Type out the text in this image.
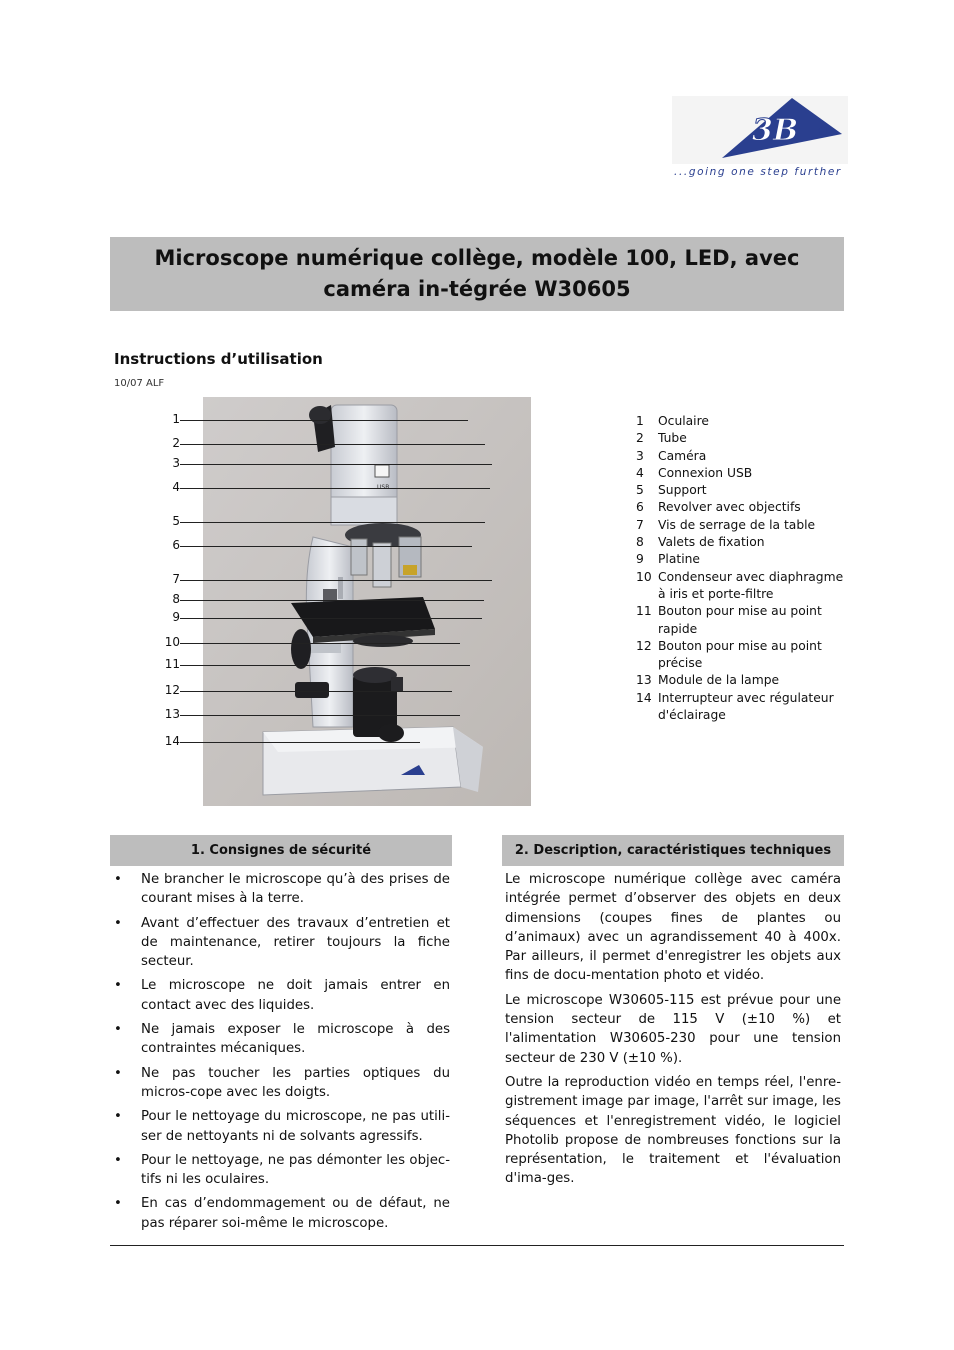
3B
...going one step further
Microscope numérique collège, modèle 100, LED, avec caméra in-tégrée W30605
Instructions d’utilisation
10/07 ALF
1
2
3
4
5
6
7
8
9
10
11
12
13
14
1	Oculaire
2	Tube
3	Caméra
4	Connexion USB
5	Support
6	Revolver avec objectifs
7	Vis de serrage de la table
8	Valets de fixation
9	Platine
10 Condenseur avec diaphragme à iris et porte-filtre
11 Bouton pour mise au point rapide
12 Bouton pour mise au point précise
13 Module de la lampe
14 Interrupteur avec régulateur d'éclairage
1. Consignes de sécurité
• Ne brancher le microscope qu’à des prises de courant mises à la terre.
• Avant d’effectuer des travaux d’entretien et de maintenance, retirer toujours la fiche secteur.
• Le microscope ne doit jamais entrer en contact avec des liquides.
• Ne jamais exposer le microscope à des contraintes mécaniques.
• Ne pas toucher les parties optiques du micros-cope avec les doigts.
• Pour le nettoyage du microscope, ne pas utili-ser de nettoyants ni de solvants agressifs.
• Pour le nettoyage, ne pas démonter les objec-tifs ni les oculaires.
• En cas d’endommagement ou de défaut, ne pas réparer soi-même le microscope.
2. Description, caractéristiques techniques

Le microscope numérique collège avec caméra intégrée permet d’observer des objets en deux dimensions (coupes fines de plantes ou d’animaux) avec un agrandissement 40 à 400x. Par ailleurs, il permet d'enregistrer les objets aux fins de docu-mentation photo et vidéo.

Le microscope W30605-115 est prévue pour une tension secteur de 115 V (±10 %) et l'alimentation W30605-230 pour une tension secteur de 230 V (±10 %).

Outre la reproduction vidéo en temps réel, l'enre-gistrement image par image, l'arrêt sur image, les séquences et l'enregistrement vidéo, le logiciel Photolib propose de nombreuses fonctions sur la représentation, le traitement et l'évaluation d'ima-ges.
